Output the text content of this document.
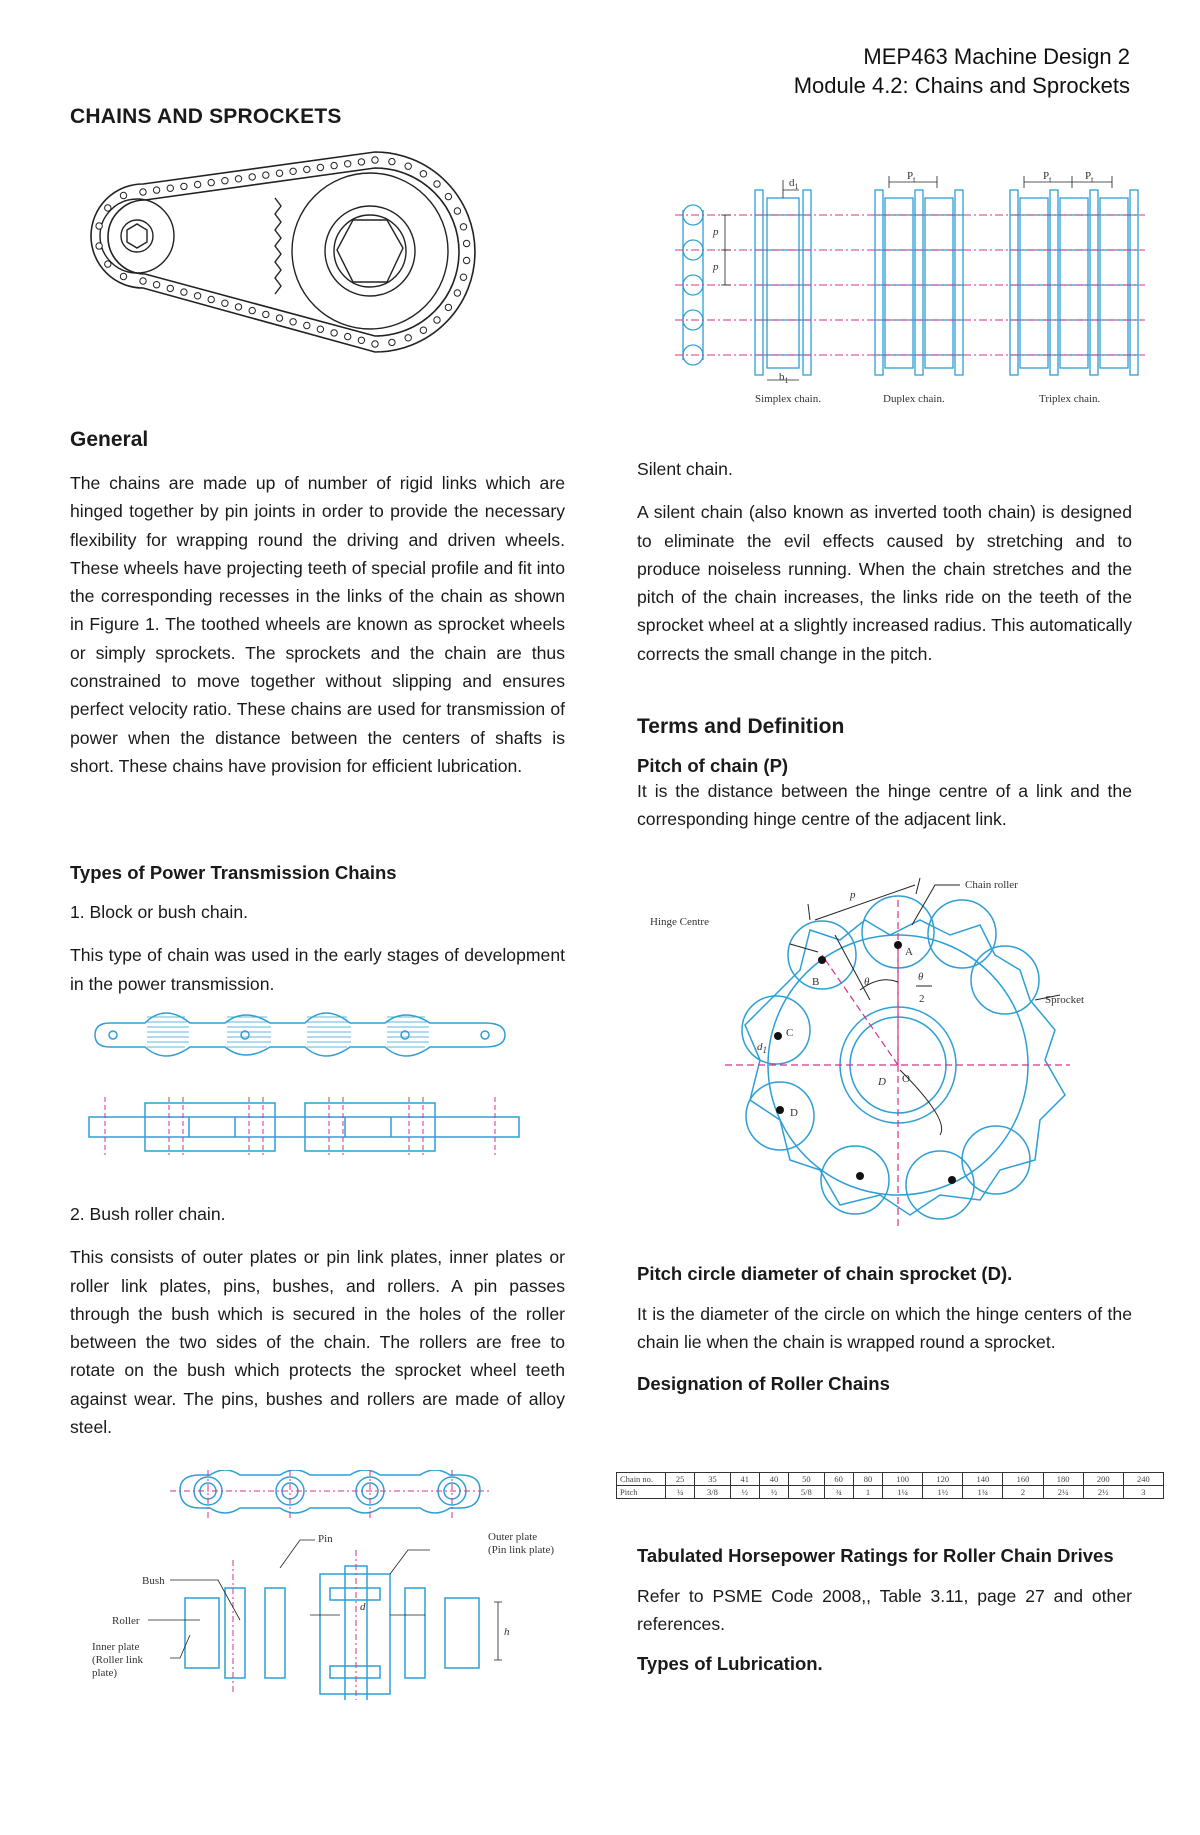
MEP463 Machine Design 2
Module 4.2: Chains and Sprockets
CHAINS AND SPROCKETS
$d_1$
p
p
$b_1$
$P_t$	$P_t$	$P_t$
Simplex chain.	Duplex chain.	Triplex chain.

General

The chains are made up of number of rigid links which are hinged together by pin joints in order to provide the necessary flexibility for wrapping round the driving and driven wheels. These wheels have projecting teeth of special profile and fit into the corresponding recesses in the links of the chain as shown in Figure 1. The toothed wheels are known as sprocket wheels or simply sprockets. The sprockets and the chain are thus constrained to move together without slipping and ensures perfect velocity ratio. These chains are used for transmission of power when the distance between the centers of shafts is short. These chains have provision for efficient lubrication.

Types of Power Transmission Chains

1. Block or bush chain.

This type of chain was used in the early stages of development in the power transmission.

2. Bush roller chain.

This consists of outer plates or pin link plates, inner plates or roller link plates, pins, bushes, and rollers. A pin passes through the bush which is secured in the holes of the roller between the two sides of the chain. The rollers are free to rotate on the bush which protects the sprocket wheel teeth against wear. The pins, bushes and rollers are made of alloy steel.

Pin	Outer plate
(Pin link plate)
Bush
Roller
Inner plate
(Roller link
plate)
d
h

Silent chain.

A silent chain (also known as inverted tooth chain) is designed to eliminate the evil effects caused by stretching and to produce noiseless running. When the chain stretches and the pitch of the chain increases, the links ride on the teeth of the sprocket wheel at a slightly increased radius. This automatically corrects the small change in the pitch.

Terms and Definition

Pitch of chain (P)

It is the distance between the hinge centre of a link and the corresponding hinge centre of the adjacent link.

Chain roller
Hinge Centre
Sprocket
p
A
B
C
D
D O
θ	θ
2
$d_1$

Pitch circle diameter of chain sprocket (D).

It is the diameter of the circle on which the hinge centers of the chain lie when the chain is wrapped round a sprocket.

Designation of Roller Chains

Chain no.	25	35	41	40	50	60	80	100	120	140	160	180	200	240
Pitch	¼	3/8	½	½	5/8	¾	1	1¼	1½	1¾	2	2¼	2½	3

Tabulated Horsepower Ratings for Roller Chain Drives

Refer to PSME Code 2008,, Table 3.11, page 27 and other references.

Types of Lubrication.
